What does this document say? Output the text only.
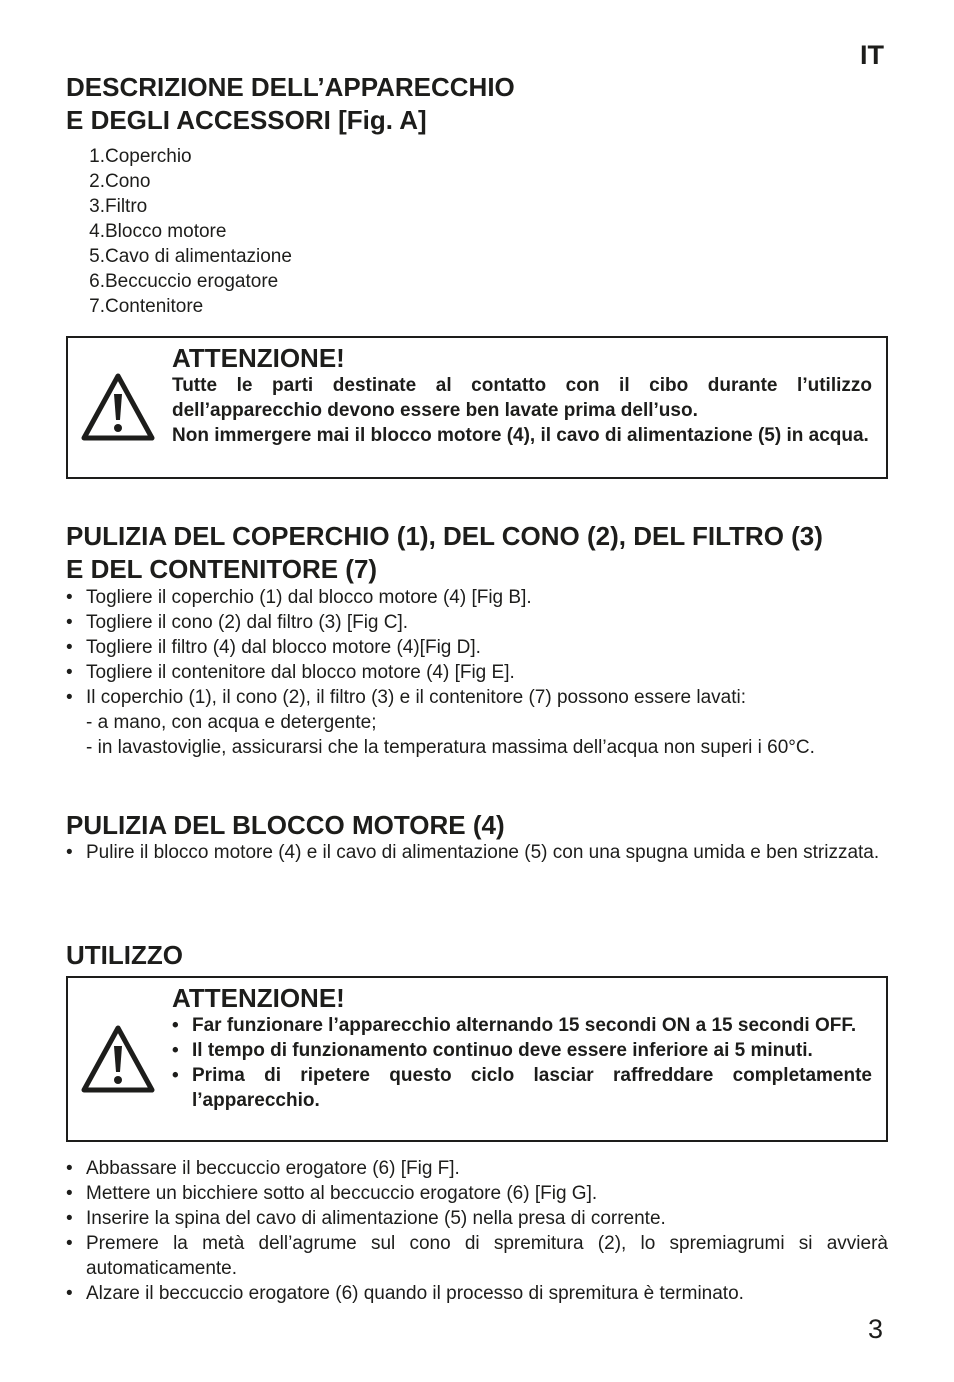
IT
DESCRIZIONE DELL’APPARECCHIO
E DEGLI ACCESSORI [Fig. A]
1. Coperchio
2. Cono
3. Filtro
4. Blocco motore
5. Cavo di alimentazione
6. Beccuccio erogatore
7. Contenitore
ATTENZIONE!
Tutte le parti destinate al contatto con il cibo durante l’utilizzo dell’apparecchio devono essere ben lavate prima dell’uso.
Non immergere mai il blocco motore (4), il cavo di alimentazione (5) in acqua.
PULIZIA DEL COPERCHIO (1), DEL CONO (2), DEL FILTRO (3)
E DEL CONTENITORE (7)
• Togliere il coperchio (1) dal blocco motore (4) [Fig B].
• Togliere il cono (2) dal filtro (3) [Fig C].
• Togliere il filtro (4) dal blocco motore (4)[Fig D].
• Togliere il contenitore dal blocco motore (4) [Fig E].
• Il coperchio (1), il cono (2), il filtro (3) e il contenitore (7) possono essere lavati:
- a mano, con acqua e detergente;
- in lavastoviglie, assicurarsi che la temperatura massima dell’acqua non superi i 60°C.
PULIZIA DEL BLOCCO MOTORE (4)
• Pulire il blocco motore (4) e il cavo di alimentazione (5) con una spugna umida e ben strizzata.
UTILIZZO
ATTENZIONE!
• Far funzionare l’apparecchio alternando 15 secondi ON a 15 secondi OFF.
• Il tempo di funzionamento continuo deve essere inferiore ai 5 minuti.
• Prima di ripetere questo ciclo lasciar raffreddare completamente l’apparecchio.
• Abbassare il beccuccio erogatore (6) [Fig F].
• Mettere un bicchiere sotto al beccuccio erogatore (6) [Fig G].
• Inserire la spina del cavo di alimentazione (5) nella presa di corrente.
• Premere la metà dell’agrume sul cono di spremitura (2), lo spremiagrumi si avvierà automaticamente.
• Alzare il beccuccio erogatore (6) quando il processo di spremitura è terminato.
3
